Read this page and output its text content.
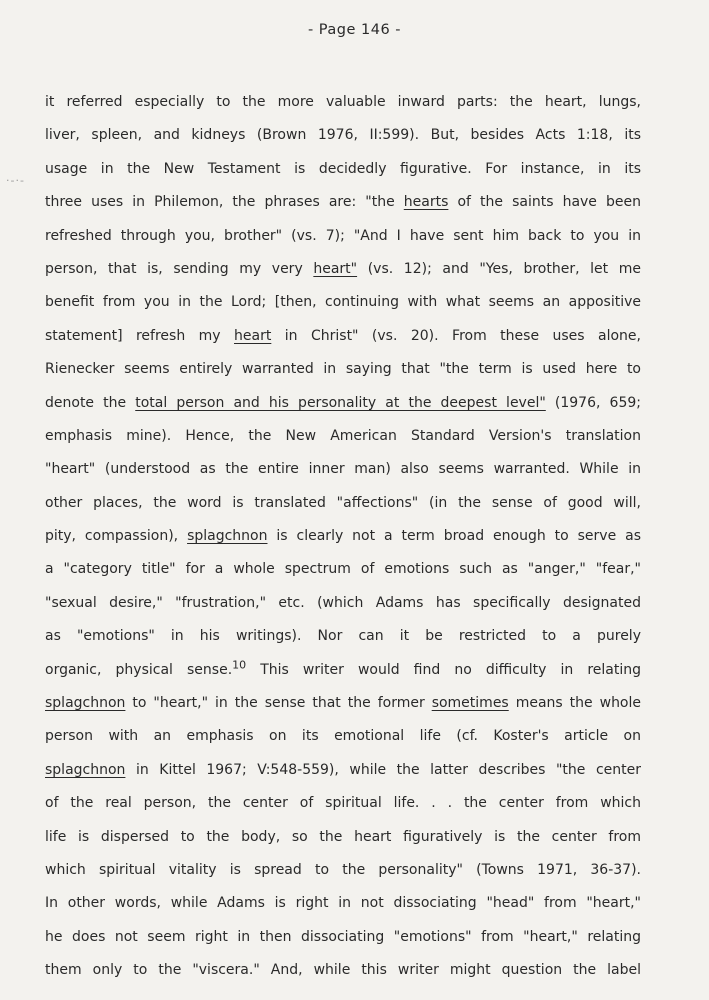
·-·-
- Page 146 -
it referred especially to the more valuable inward parts: the heart, lungs,
liver, spleen, and kidneys (Brown 1976, II:599). But, besides Acts 1:18, its
usage in the New Testament is decidedly figurative. For instance, in its
three uses in Philemon, the phrases are: "the hearts of the saints have been
refreshed through you, brother" (vs. 7); "And I have sent him back to you in
person, that is, sending my very heart" (vs. 12); and "Yes, brother, let me
benefit from you in the Lord; [then, continuing with what seems an appositive
statement] refresh my heart in Christ" (vs. 20). From these uses alone,
Rienecker seems entirely warranted in saying that "the term is used here to
denote the total person and his personality at the deepest level" (1976, 659;
emphasis mine). Hence, the New American Standard Version's translation
"heart" (understood as the entire inner man) also seems warranted. While in
other places, the word is translated "affections" (in the sense of good will,
pity, compassion), splagchnon is clearly not a term broad enough to serve as
a "category title" for a whole spectrum of emotions such as "anger," "fear,"
"sexual desire," "frustration," etc. (which Adams has specifically designated
as "emotions" in his writings). Nor can it be restricted to a purely
organic, physical sense.$^{10}$ This writer would find no difficulty in relating
splagchnon to "heart," in the sense that the former sometimes means the whole
person with an emphasis on its emotional life (cf. Koster's article on
splagchnon in Kittel 1967; V:548-559), while the latter describes "the center
of the real person, the center of spiritual life. . . the center from which
life is dispersed to the body, so the heart figuratively is the center from
which spiritual vitality is spread to the personality" (Towns 1971, 36-37).
In other words, while Adams is right in not dissociating "head" from "heart,"
he does not seem right in then dissociating "emotions" from "heart," relating
them only to the "viscera." And, while this writer might question the label
